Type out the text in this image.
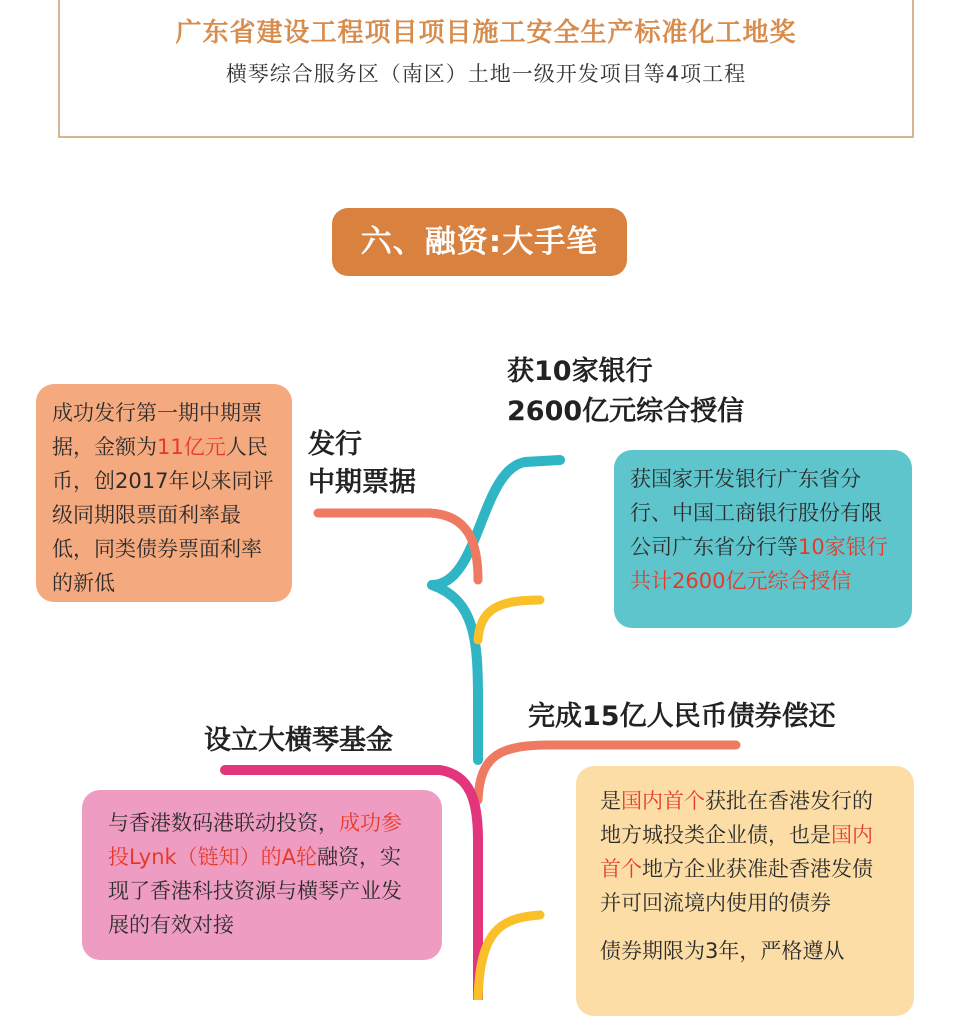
广东省建设工程项目项目施工安全生产标准化工地奖
横琴综合服务区（南区）土地一级开发项目等4项工程
六、融资:大手笔
发行
中期票据
获10家银行
2600亿元综合授信
完成15亿人民币债券偿还
设立大横琴基金
成功发行第一期中期票据，金额为11亿元人民币，创2017年以来同评级同期限票面利率最低，同类债券票面利率的新低
获国家开发银行广东省分行、中国工商银行股份有限公司广东省分行等10家银行共计2600亿元综合授信
与香港数码港联动投资，成功参投Lynk（链知）的A轮融资，实现了香港科技资源与横琴产业发展的有效对接
是国内首个获批在香港发行的地方城投类企业债，也是国内首个地方企业获准赴香港发债并可回流境内使用的债券
债券期限为3年，严格遵从
